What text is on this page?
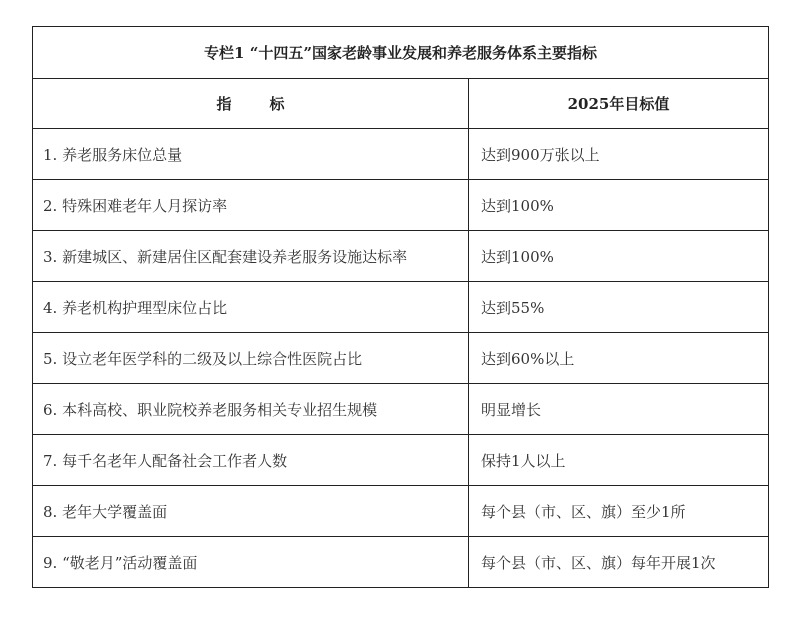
专栏1 “十四五”国家老龄事业发展和养老服务体系主要指标	
指 标	2025年目标值
1. 养老服务床位总量	达到900万张以上
2. 特殊困难老年人月探访率	达到100%
3. 新建城区、新建居住区配套建设养老服务设施达标率	达到100%
4. 养老机构护理型床位占比	达到55%
5. 设立老年医学科的二级及以上综合性医院占比	达到60%以上
6. 本科高校、职业院校养老服务相关专业招生规模	明显增长
7. 每千名老年人配备社会工作者人数	保持1人以上
8. 老年大学覆盖面	每个县（市、区、旗）至少1所
9. “敬老月”活动覆盖面	每个县（市、区、旗）每年开展1次
